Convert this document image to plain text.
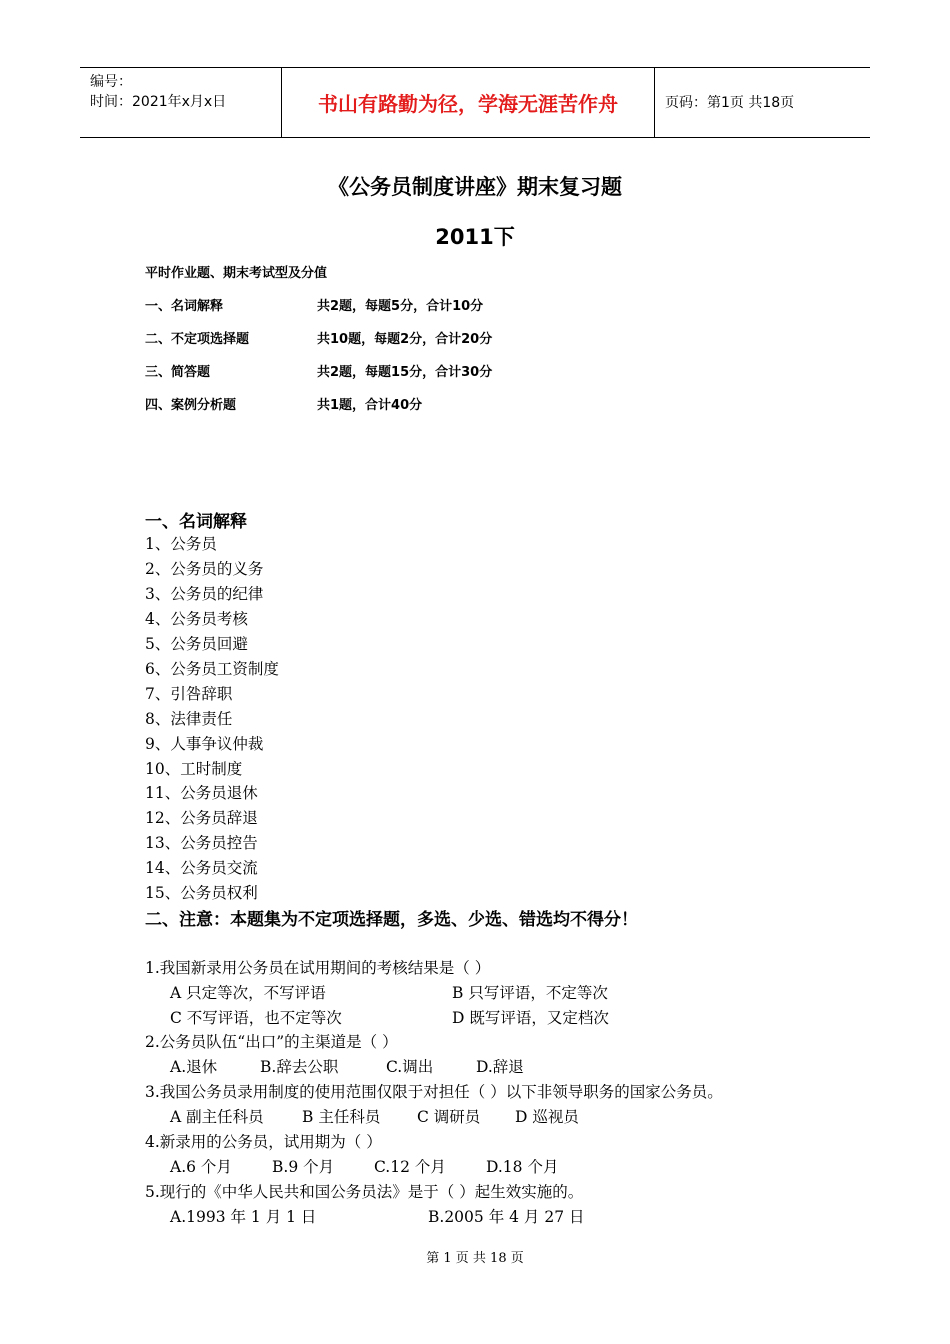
编号：
时间：2021年x月x日	书山有路勤为径，学海无涯苦作舟	页码：第1页 共18页
《公务员制度讲座》期末复习题
2011下
平时作业题、期末考试型及分值
一、名词解释	共2题，每题5分，合计10分
二、不定项选择题	共10题，每题2分，合计20分
三、简答题	共2题，每题15分，合计30分
四、案例分析题	共1题，合计40分
一、名词解释
1、公务员
2、公务员的义务
3、公务员的纪律
4、公务员考核
5、公务员回避
6、公务员工资制度
7、引咎辞职
8、法律责任
9、人事争议仲裁
10、工时制度
11、公务员退休
12、公务员辞退
13、公务员控告
14、公务员交流
15、公务员权利
二、注意：本题集为不定项选择题，多选、少选、错选均不得分！
1.我国新录用公务员在试用期间的考核结果是（ ）
A 只定等次，不写评语	B 只写评语，不定等次
C 不写评语，也不定等次	D 既写评语，又定档次
2.公务员队伍“出口”的主渠道是（ ）
A.退休	B.辞去公职	C.调出	D.辞退
3.我国公务员录用制度的使用范围仅限于对担任（ ）以下非领导职务的国家公务员。
A 副主任科员 B 主任科员 C 调研员 D 巡视员
4.新录用的公务员，试用期为（ ）
A.6 个月	B.9 个月	C.12 个月	D.18 个月
5.现行的《中华人民共和国公务员法》是于（ ）起生效实施的。
A.1993 年 1 月 1 日	B.2005 年 4 月 27 日
第 1 页 共 18 页
